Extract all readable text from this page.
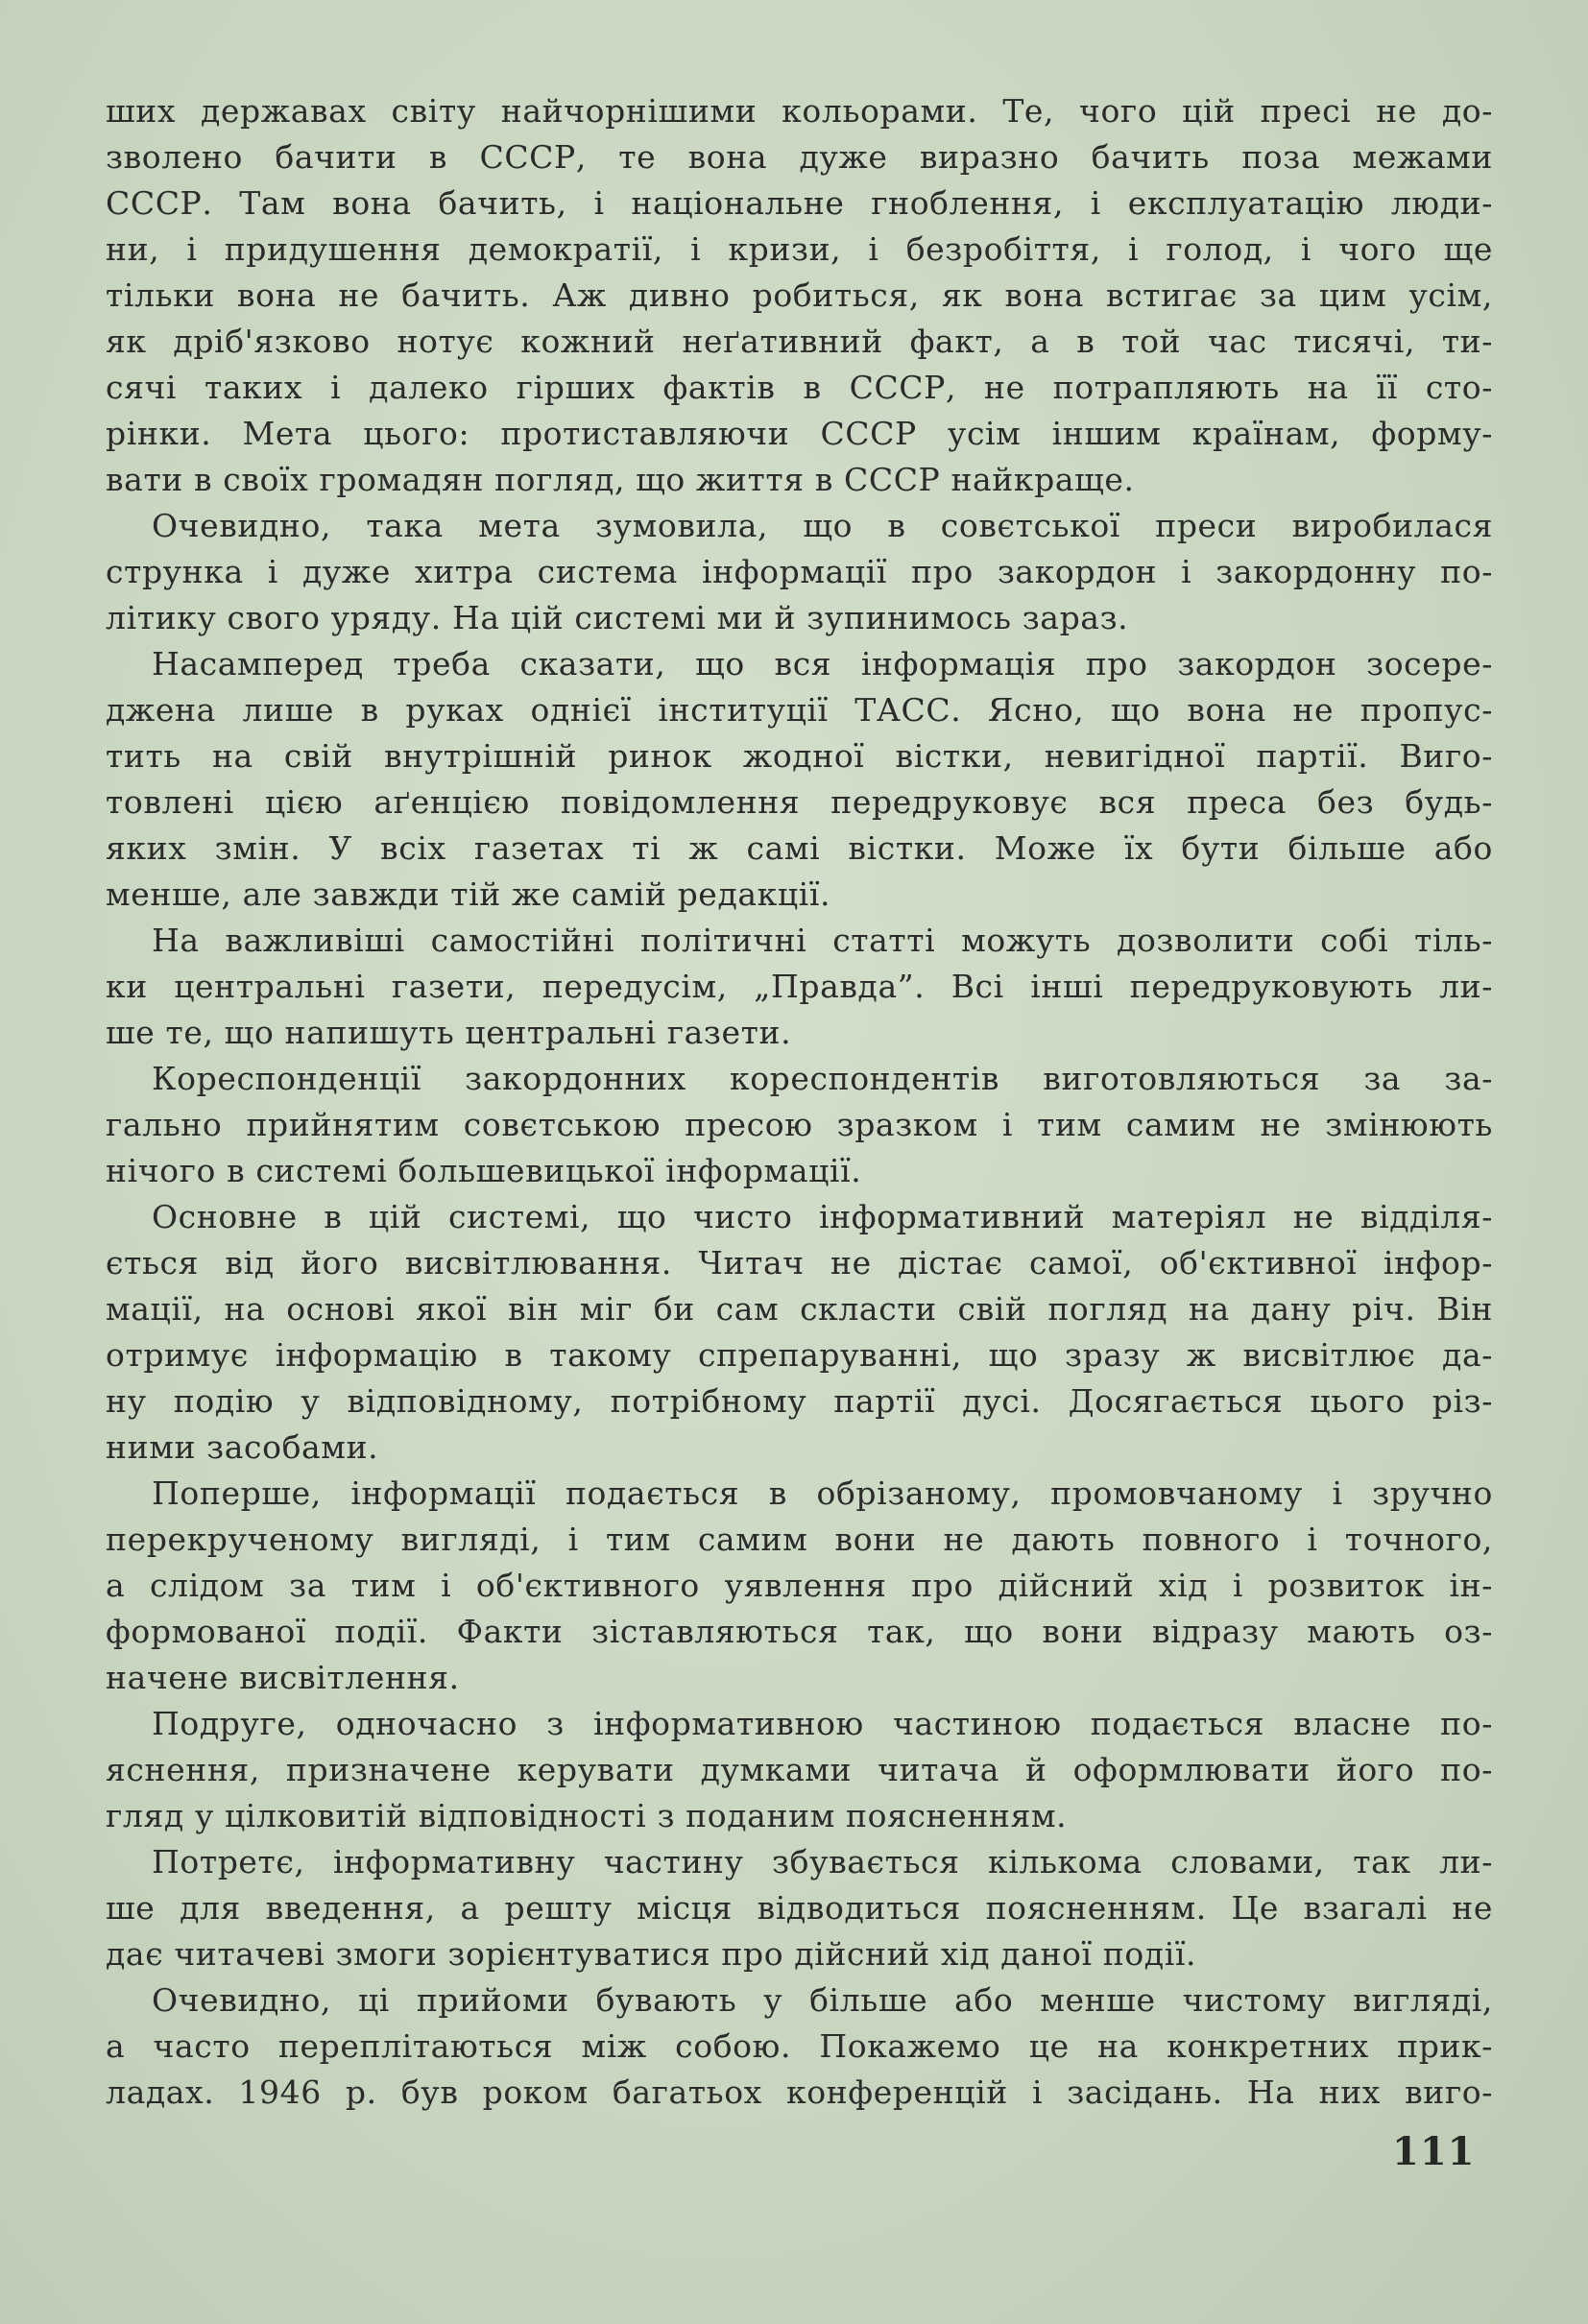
ших державах світу найчорнішими кольорами. Те, чого цій пресі не до-
зволено бачити в СССР, те вона дуже виразно бачить поза межами
СССР. Там вона бачить, і національне гноблення, і експлуатацію люди-
ни, і придушення демократії, і кризи, і безробіття, і голод, і чого ще
тільки вона не бачить. Аж дивно робиться, як вона встигає за цим усім,
як дріб'язково нотує кожний неґативний факт, а в той час тисячі, ти-
сячі таких і далеко гірших фактів в СССР, не потрапляють на її сто-
рінки. Мета цього: протиставляючи СССР усім іншим країнам, форму-
вати в своїх громадян погляд, що життя в СССР найкраще.
Очевидно, така мета зумовила, що в совєтської преси виробилася
струнка і дуже хитра система інформації про закордон і закордонну по-
літику свого уряду. На цій системі ми й зупинимось зараз.
Насамперед треба сказати, що вся інформація про закордон зосере-
джена лише в руках однієї інституції ТАСС. Ясно, що вона не пропус-
тить на свій внутрішній ринок жодної вістки, невигідної партії. Виго-
товлені цією аґенцією повідомлення передруковує вся преса без будь-
яких змін. У всіх газетах ті ж самі вістки. Може їх бути більше або
менше, але завжди тій же самій редакції.
На важливіші самостійні політичні статті можуть дозволити собі тіль-
ки центральні газети, передусім, „Правда”. Всі інші передруковують ли-
ше те, що напишуть центральні газети.
Кореспонденції закордонних кореспондентів виготовляються за за-
гально прийнятим совєтською пресою зразком і тим самим не змінюють
нічого в системі большевицької інформації.
Основне в цій системі, що чисто інформативний матеріял не відділя-
ється від його висвітлювання. Читач не дістає самої, об'єктивної інфор-
мації, на основі якої він міг би сам скласти свій погляд на дану річ. Він
отримує інформацію в такому спрепаруванні, що зразу ж висвітлює да-
ну подію у відповідному, потрібному партії дусі. Досягається цього різ-
ними засобами.
Поперше, інформації подається в обрізаному, промовчаному і зручно
перекрученому вигляді, і тим самим вони не дають повного і точного,
а слідом за тим і об'єктивного уявлення про дійсний хід і розвиток ін-
формованої події. Факти зіставляються так, що вони відразу мають оз-
начене висвітлення.
Подруге, одночасно з інформативною частиною подається власне по-
яснення, призначене керувати думками читача й оформлювати його по-
гляд у цілковитій відповідності з поданим поясненням.
Потретє, інформативну частину збувається кількома словами, так ли-
ше для введення, а решту місця відводиться поясненням. Це взагалі не
дає читачеві змоги зорієнтуватися про дійсний хід даної події.
Очевидно, ці прийоми бувають у більше або менше чистому вигляді,
а часто переплітаються між собою. Покажемо це на конкретних прик-
ладах. 1946 р. був роком багатьох конференцій і засідань. На них виго-
111
